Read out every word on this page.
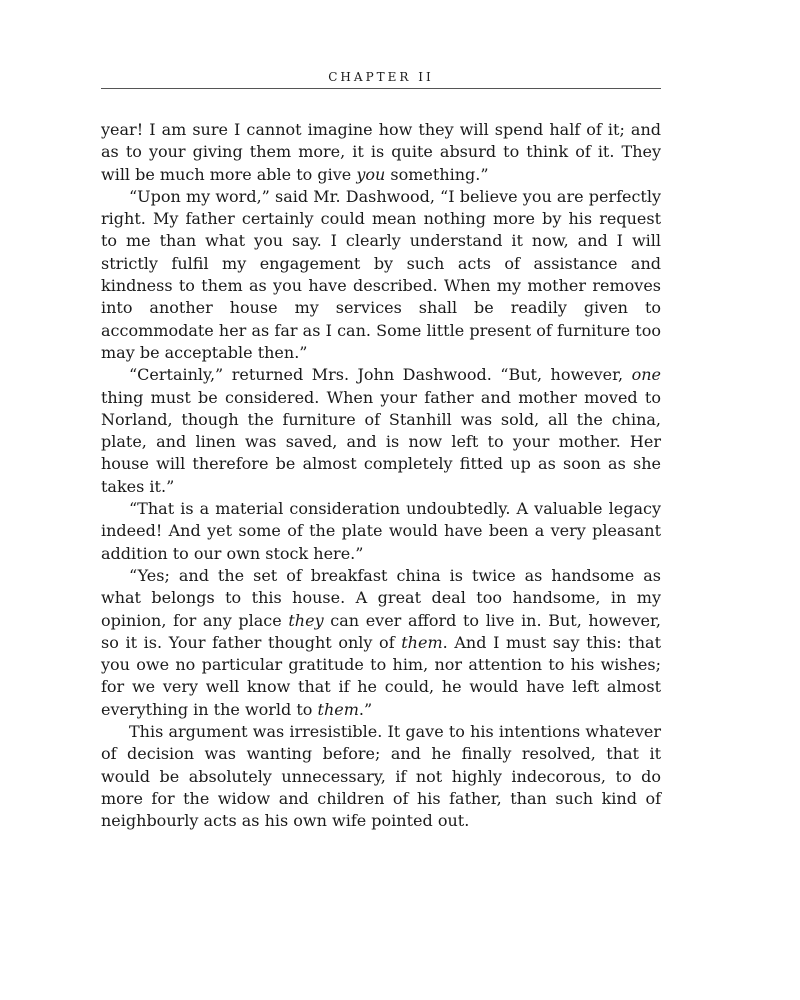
CHAPTER II

year! I am sure I cannot imagine how they will spend half of it; and as to your giving them more, it is quite absurd to think of it. They will be much more able to give you something.”

“Upon my word,” said Mr. Dashwood, “I believe you are perfectly right. My father certainly could mean nothing more by his request to me than what you say. I clearly understand it now, and I will strictly fulfil my engagement by such acts of assistance and kindness to them as you have described. When my mother removes into another house my services shall be readily given to accommodate her as far as I can. Some little present of furniture too may be acceptable then.”

“Certainly,” returned Mrs. John Dashwood. “But, however, one thing must be considered. When your father and mother moved to Norland, though the furniture of Stanhill was sold, all the china, plate, and linen was saved, and is now left to your mother. Her house will therefore be almost completely fitted up as soon as she takes it.”

“That is a material consideration undoubtedly. A valuable legacy indeed! And yet some of the plate would have been a very pleasant addition to our own stock here.”

“Yes; and the set of breakfast china is twice as handsome as what belongs to this house. A great deal too handsome, in my opinion, for any place they can ever afford to live in. But, however, so it is. Your father thought only of them. And I must say this: that you owe no particular gratitude to him, nor attention to his wishes; for we very well know that if he could, he would have left almost everything in the world to them.”

This argument was irresistible. It gave to his intentions whatever of decision was wanting before; and he finally resolved, that it would be absolutely unnecessary, if not highly indecorous, to do more for the widow and children of his father, than such kind of neighbourly acts as his own wife pointed out.
